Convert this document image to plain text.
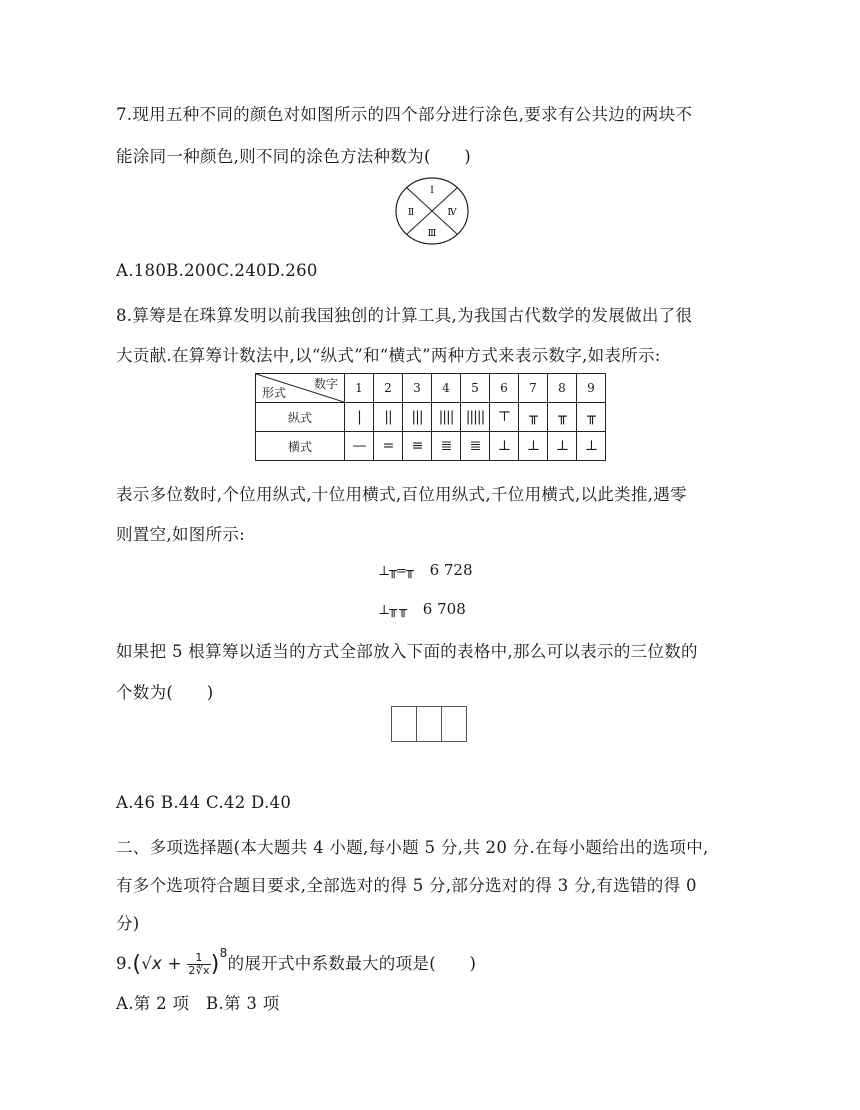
7.现用五种不同的颜色对如图所示的四个部分进行涂色,要求有公共边的两块不
能涂同一种颜色,则不同的涂色方法种数为(　　)
Ⅰ
Ⅱ
Ⅲ
Ⅳ
A.180B.200C.240D.260
8.算筹是在珠算发明以前我国独创的计算工具,为我国古代数学的发展做出了很
大贡献.在算筹计数法中,以“纵式”和“横式”两种方式来表示数字,如表所示:
数字
形式	1	2	3	4	5	6	7	8	9
纵式	|	||	|||	||||	|||||	⊤	╥	╥	╥
横式	—	=	≡	≣	≣	⊥	⊥	⊥	⊥
表示多位数时,个位用纵式,十位用横式,百位用纵式,千位用横式,以此类推,遇零
则置空,如图所示:
⊥╥=╥ 6 728
⊥╥ ╥ 6 708
如果把 5 根算筹以适当的方式全部放入下面的表格中,那么可以表示的三位数的
个数为(　　)

A.46 B.44 C.42 D.40
二、多项选择题(本大题共 4 小题,每小题 5 分,共 20 分.在每小题给出的选项中,
有多个选项符合题目要求,全部选对的得 5 分,部分选对的得 3 分,有选错的得 0
分)
$9.(√x + \frac{1}{2∜x} )^8$的展开式中系数最大的项是(　　)
A.第 2 项　B.第 3 项
